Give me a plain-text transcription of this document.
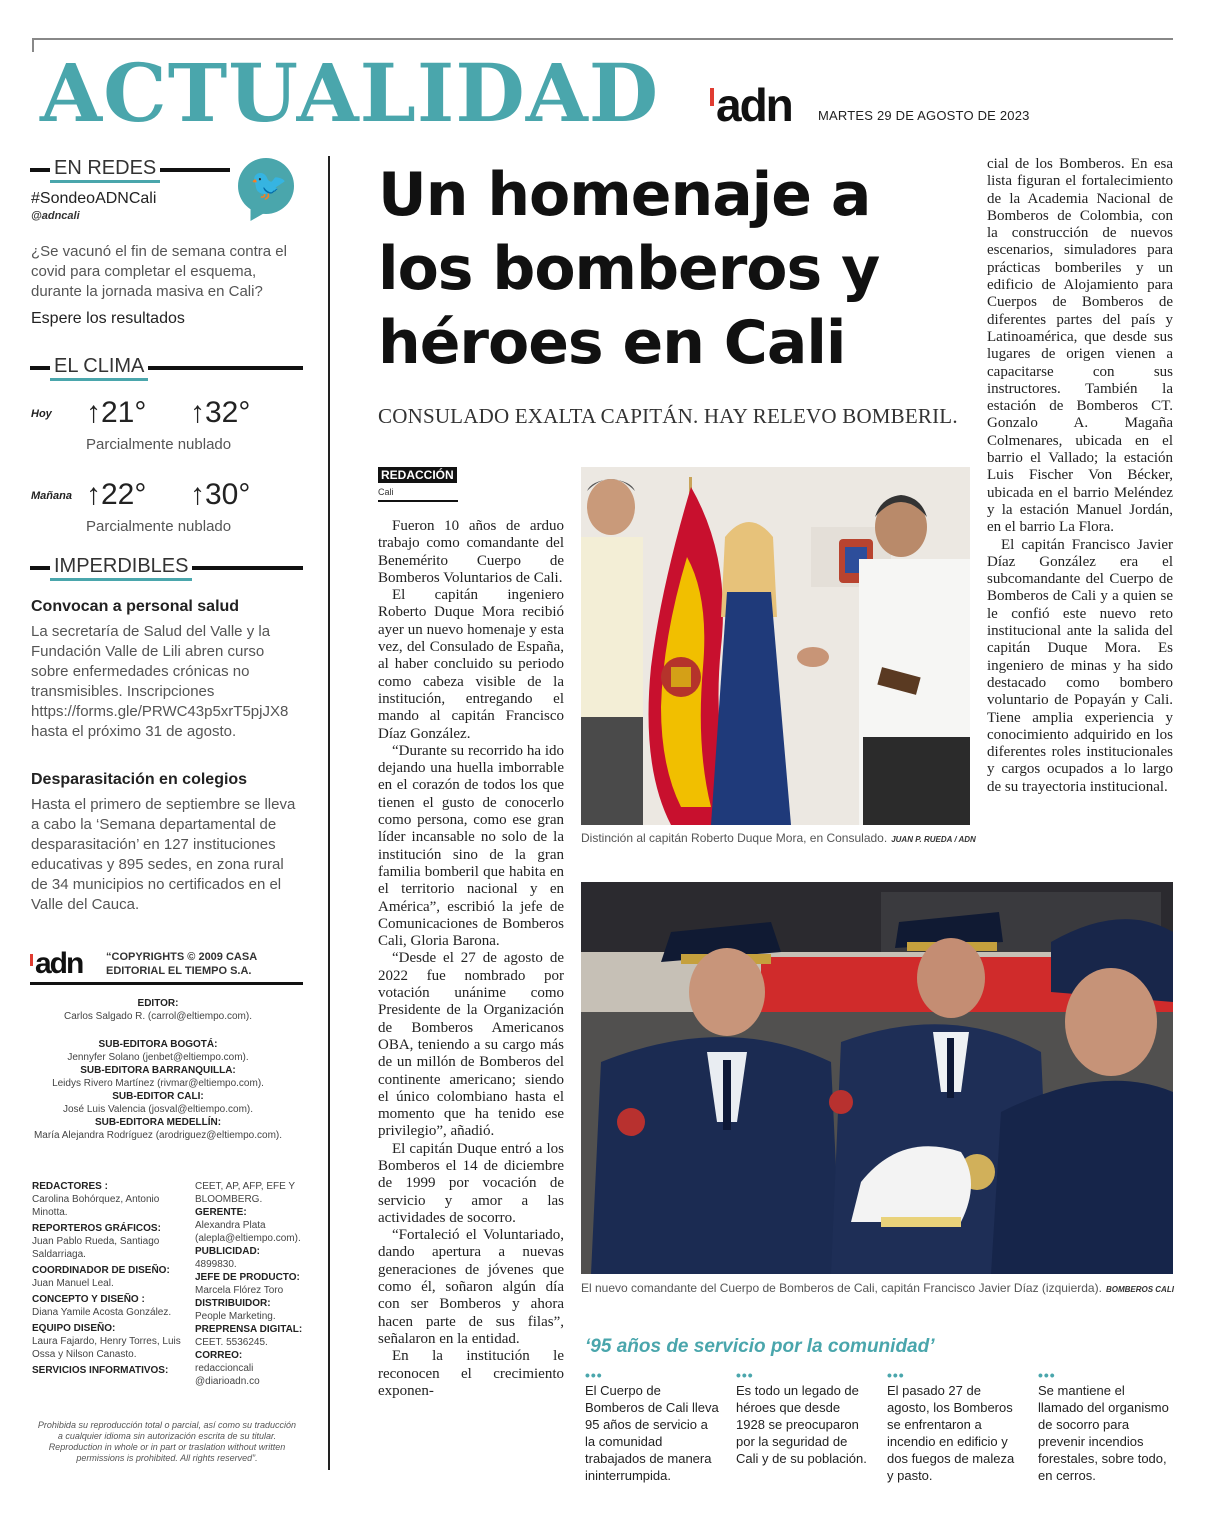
ACTUALIDAD adn MARTES 29 DE AGOSTO DE 2023
EN REDES
🐦
#SondeoADNCali
@adncali
¿Se vacunó el fin de semana contra el covid para completar el esquema, durante la jornada masiva en Cali?
Espere los resultados
EL CLIMA
Hoy ↑21° ↑32°
Parcialmente nublado
Mañana ↑22° ↑30°
Parcialmente nublado
IMPERDIBLES
Convocan a personal salud
La secretaría de Salud del Valle y la Fundación Valle de Lili abren curso sobre enfermedades crónicas no transmisibles. Inscripciones https://forms.gle/PRWC43p5xrT5pjJX8 hasta el próximo 31 de agosto.
Desparasitación en colegios
Hasta el primero de septiembre se lleva a cabo la ‘Semana departamental de desparasitación’ en 127 instituciones educativas y 895 sedes, en zona rural de 34 municipios no certificados en el Valle del Cauca.
adn “COPYRIGHTS © 2009 CASA
EDITORIAL EL TIEMPO S.A.
EDITOR:
Carlos Salgado R. (carrol@eltiempo.com).
SUB-EDITORA BOGOTÁ:
Jennyfer Solano (jenbet@eltiempo.com).
SUB-EDITORA BARRANQUILLA:
Leidys Rivero Martínez (rivmar@eltiempo.com).
SUB-EDITOR CALI:
José Luis Valencia (josval@eltiempo.com).
SUB-EDITORA MEDELLÍN:
María Alejandra Rodríguez (arodriguez@eltiempo.com).
REDACTORES :
Carolina Bohórquez, Antonio Minotta.
REPORTEROS GRÁFICOS:
Juan Pablo Rueda, Santiago Saldarriaga.
COORDINADOR DE DISEÑO:
Juan Manuel Leal.
CONCEPTO Y DISEÑO :
Diana Yamile Acosta González.
EQUIPO DISEÑO:
Laura Fajardo, Henry Torres, Luis Ossa y Nilson Canasto.
SERVICIOS INFORMATIVOS:
CEET, AP, AFP, EFE Y BLOOMBERG.
GERENTE:
Alexandra Plata (alepla@eltiempo.com).
PUBLICIDAD:
4899830.
JEFE DE PRODUCTO:
Marcela Flórez Toro
DISTRIBUIDOR:
People Marketing.
PREPRENSA DIGITAL:
CEET. 5536245.
CORREO:
redaccioncali @diarioadn.co
Prohibida su reproducción total o parcial, así como su traducción a cualquier idioma sin autorización escrita de su titular. Reproduction in whole or in part or traslation without written permissions is prohibited. All rights reserved”.
Un homenaje a los bomberos y héroes en Cali
CONSULADO EXALTA CAPITÁN. HAY RELEVO BOMBERIL.
REDACCIÓN
Cali

Fueron 10 años de arduo trabajo como comandante del Benemérito Cuerpo de Bomberos Voluntarios de Cali.

El capitán ingeniero Roberto Duque Mora recibió ayer un nuevo homenaje y esta vez, del Consulado de España, al haber concluido su periodo como cabeza visible de la institución, entregando el mando al capitán Francisco Díaz González.

“Durante su recorrido ha ido dejando una huella imborrable en el corazón de todos los que tienen el gusto de conocerlo como persona, como ese gran líder incansable no solo de la institución sino de la gran familia bomberil que habita en el territorio nacional y en América”, escribió la jefe de Comunicaciones de Bomberos Cali, Gloria Barona.

“Desde el 27 de agosto de 2022 fue nombrado por votación unánime como Presidente de la Organización de Bomberos Americanos OBA, teniendo a su cargo más de un millón de Bomberos del continente americano; siendo el único colombiano hasta el momento que ha tenido ese privilegio”, añadió.

El capitán Duque entró a los Bomberos el 14 de diciembre de 1999 por vocación de servicio y amor a las actividades de socorro.

“Fortaleció el Voluntariado, dando apertura a nuevas generaciones de jóvenes que como él, soñaron algún día con ser Bomberos y ahora hacen parte de sus filas”, señalaron en la entidad.

En la institución le reconocen el crecimiento exponen-

cial de los Bomberos. En esa lista figuran el fortalecimiento de la Academia Nacional de Bomberos de Colombia, con la construcción de nuevos escenarios, simuladores para prácticas bomberiles y un edificio de Alojamiento para Cuerpos de Bomberos de diferentes partes del país y Latinoamérica, que desde sus lugares de origen vienen a capacitarse con sus instructores. También la estación de Bomberos CT. Gonzalo A. Magaña Colmenares, ubicada en el barrio el Vallado; la estación Luis Fischer Von Bécker, ubicada en el barrio Meléndez y la estación Manuel Jordán, en el barrio La Flora.

El capitán Francisco Javier Díaz González era el subcomandante del Cuerpo de Bomberos de Cali y a quien se le confió este nuevo reto institucional ante la salida del capitán Duque Mora. Es ingeniero de minas y ha sido destacado como bombero voluntario de Popayán y Cali. Tiene amplia experiencia y conocimiento adquirido en los diferentes roles institucionales y cargos ocupados a lo largo de su trayectoria institucional.

Distinción al capitán Roberto Duque Mora, en Consulado. JUAN P. RUEDA / ADN
El nuevo comandante del Cuerpo de Bomberos de Cali, capitán Francisco Javier Díaz (izquierda). BOMBEROS CALI
‘95 años de servicio por la comunidad’
•••
El Cuerpo de Bomberos de Cali lleva 95 años de servicio a la comunidad trabajados de manera ininterrumpida.
•••
Es todo un legado de héroes que desde 1928 se preocuparon por la seguridad de Cali y de su población.
•••
El pasado 27 de agosto, los Bomberos se enfrentaron a incendio en edificio y dos fuegos de maleza y pasto.
•••
Se mantiene el llamado del organismo de socorro para prevenir incendios forestales, sobre todo, en cerros.
